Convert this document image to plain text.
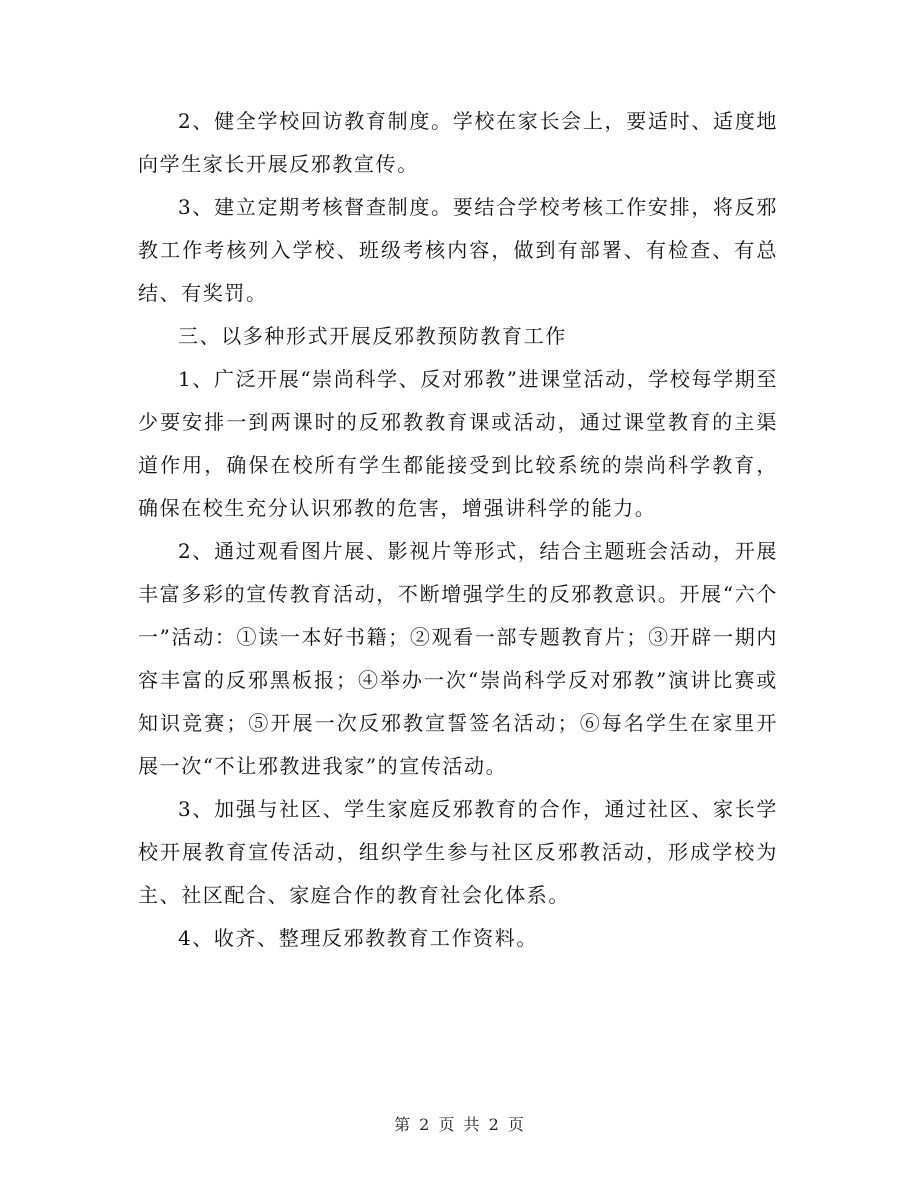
2、健全学校回访教育制度。学校在家长会上，要适时、适度地向学生家长开展反邪教宣传。

3、建立定期考核督查制度。要结合学校考核工作安排，将反邪教工作考核列入学校、班级考核内容，做到有部署、有检查、有总结、有奖罚。

三、以多种形式开展反邪教预防教育工作

1、广泛开展“崇尚科学、反对邪教”进课堂活动，学校每学期至少要安排一到两课时的反邪教教育课或活动，通过课堂教育的主渠道作用，确保在校所有学生都能接受到比较系统的崇尚科学教育，确保在校生充分认识邪教的危害，增强讲科学的能力。

2、通过观看图片展、影视片等形式，结合主题班会活动，开展丰富多彩的宣传教育活动，不断增强学生的反邪教意识。开展“六个一”活动：①读一本好书籍；②观看一部专题教育片；③开辟一期内容丰富的反邪黑板报；④举办一次“崇尚科学反对邪教”演讲比赛或知识竞赛；⑤开展一次反邪教宣誓签名活动；⑥每名学生在家里开展一次“不让邪教进我家”的宣传活动。

3、加强与社区、学生家庭反邪教育的合作，通过社区、家长学校开展教育宣传活动，组织学生参与社区反邪教活动，形成学校为主、社区配合、家庭合作的教育社会化体系。

4、收齐、整理反邪教教育工作资料。

第 2 页 共 2 页
